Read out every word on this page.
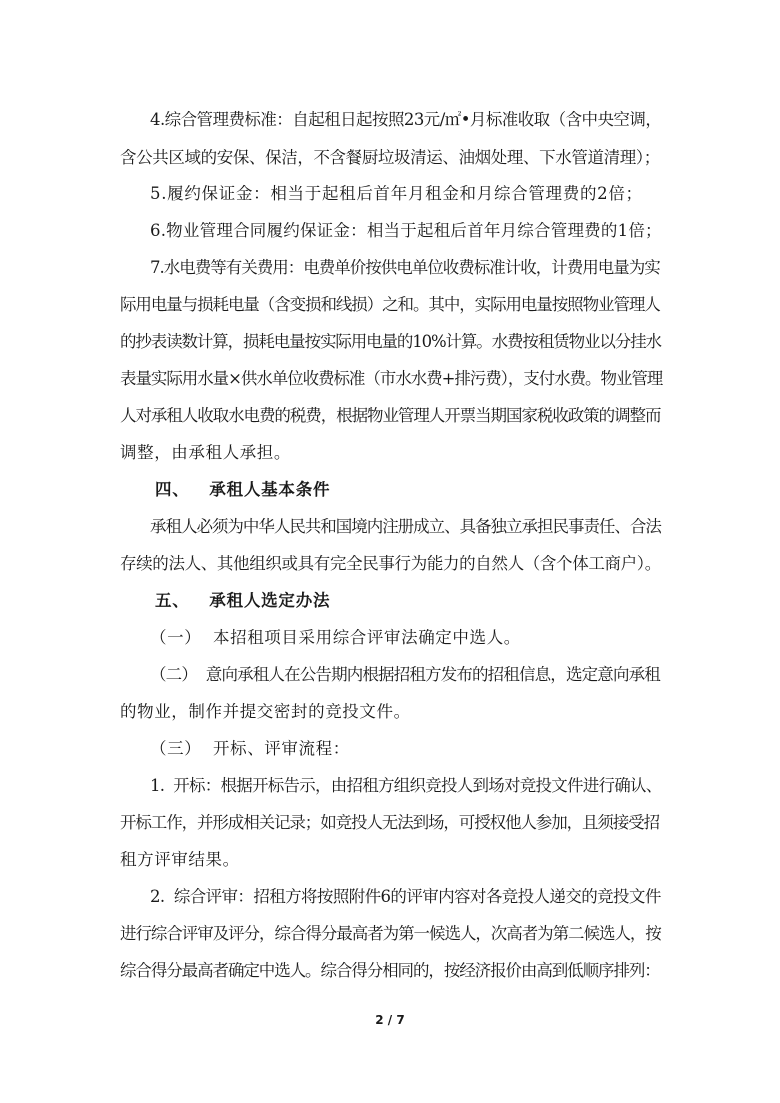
4.综合管理费标准：自起租日起按照23元/㎡•月标准收取（含中央空调，
含公共区域的安保、保洁，不含餐厨垃圾清运、油烟处理、下水管道清理）；
5.履约保证金：相当于起租后首年月租金和月综合管理费的2倍；
6.物业管理合同履约保证金：相当于起租后首年月综合管理费的1倍；
7.水电费等有关费用：电费单价按供电单位收费标准计收，计费用电量为实
际用电量与损耗电量（含变损和线损）之和。其中，实际用电量按照物业管理人
的抄表读数计算，损耗电量按实际用电量的10%计算。水费按租赁物业以分挂水
表量实际用水量×供水单位收费标准（市水水费+排污费），支付水费。物业管理
人对承租人收取水电费的税费，根据物业管理人开票当期国家税收政策的调整而
调整，由承租人承担。
四、   承租人基本条件
承租人必须为中华人民共和国境内注册成立、具备独立承担民事责任、合法
存续的法人、其他组织或具有完全民事行为能力的自然人（含个体工商户）。
五、   承租人选定办法
（一）  本招租项目采用综合评审法确定中选人。
（二）  意向承租人在公告期内根据招租方发布的招租信息，选定意向承租
的物业，制作并提交密封的竞投文件。
（三）  开标、评审流程：
1.  开标：根据开标告示，由招租方组织竞投人到场对竞投文件进行确认、
开标工作，并形成相关记录；如竞投人无法到场，可授权他人参加，且须接受招
租方评审结果。
2.  综合评审：招租方将按照附件6的评审内容对各竞投人递交的竞投文件
进行综合评审及评分，综合得分最高者为第一候选人，次高者为第二候选人，按
综合得分最高者确定中选人。综合得分相同的，按经济报价由高到低顺序排列：
2 / 7
